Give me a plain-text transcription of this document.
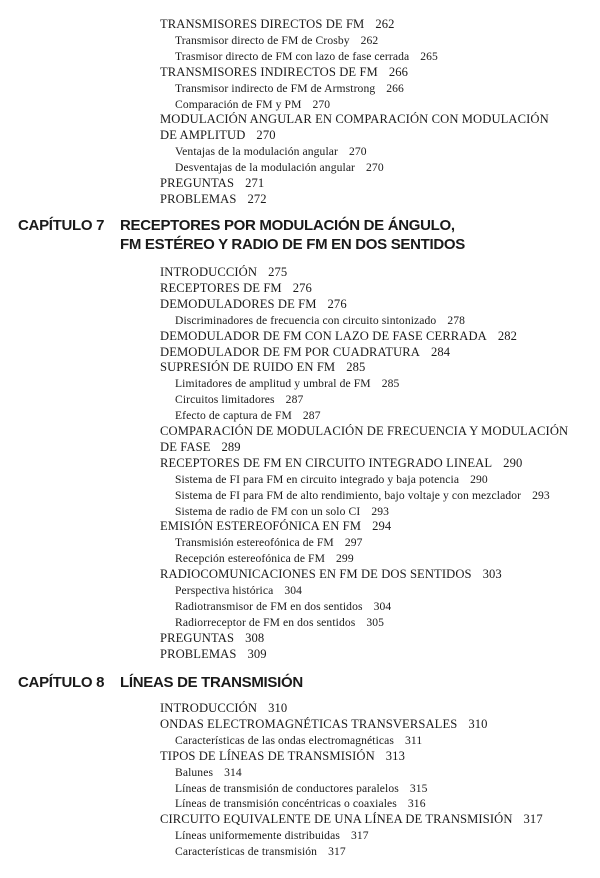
TRANSMISORES DIRECTOS DE FM 262
Transmisor directo de FM de Crosby 262
Trasmisor directo de FM con lazo de fase cerrada 265
TRANSMISORES INDIRECTOS DE FM 266
Transmisor indirecto de FM de Armstrong 266
Comparación de FM y PM 270
MODULACIÓN ANGULAR EN COMPARACIÓN CON MODULACIÓN
DE AMPLITUD 270
Ventajas de la modulación angular 270
Desventajas de la modulación angular 270
PREGUNTAS 271
PROBLEMAS 272
CAPÍTULO 7 RECEPTORES POR MODULACIÓN DE ÁNGULO,
FM ESTÉREO Y RADIO DE FM EN DOS SENTIDOS
INTRODUCCIÓN 275
RECEPTORES DE FM 276
DEMODULADORES DE FM 276
Discriminadores de frecuencia con circuito sintonizado 278
DEMODULADOR DE FM CON LAZO DE FASE CERRADA 282
DEMODULADOR DE FM POR CUADRATURA 284
SUPRESIÓN DE RUIDO EN FM 285
Limitadores de amplitud y umbral de FM 285
Circuitos limitadores 287
Efecto de captura de FM 287
COMPARACIÓN DE MODULACIÓN DE FRECUENCIA Y MODULACIÓN
DE FASE 289
RECEPTORES DE FM EN CIRCUITO INTEGRADO LINEAL 290
Sistema de FI para FM en circuito integrado y baja potencia 290
Sistema de FI para FM de alto rendimiento, bajo voltaje y con mezclador 293
Sistema de radio de FM con un solo CI 293
EMISIÓN ESTEREOFÓNICA EN FM 294
Transmisión estereofónica de FM 297
Recepción estereofónica de FM 299
RADIOCOMUNICACIONES EN FM DE DOS SENTIDOS 303
Perspectiva histórica 304
Radiotransmisor de FM en dos sentidos 304
Radiorreceptor de FM en dos sentidos 305
PREGUNTAS 308
PROBLEMAS 309
CAPÍTULO 8 LÍNEAS DE TRANSMISIÓN
INTRODUCCIÓN 310
ONDAS ELECTROMAGNÉTICAS TRANSVERSALES 310
Características de las ondas electromagnéticas 311
TIPOS DE LÍNEAS DE TRANSMISIÓN 313
Balunes 314
Líneas de transmisión de conductores paralelos 315
Líneas de transmisión concéntricas o coaxiales 316
CIRCUITO EQUIVALENTE DE UNA LÍNEA DE TRANSMISIÓN 317
Líneas uniformemente distribuidas 317
Características de transmisión 317
